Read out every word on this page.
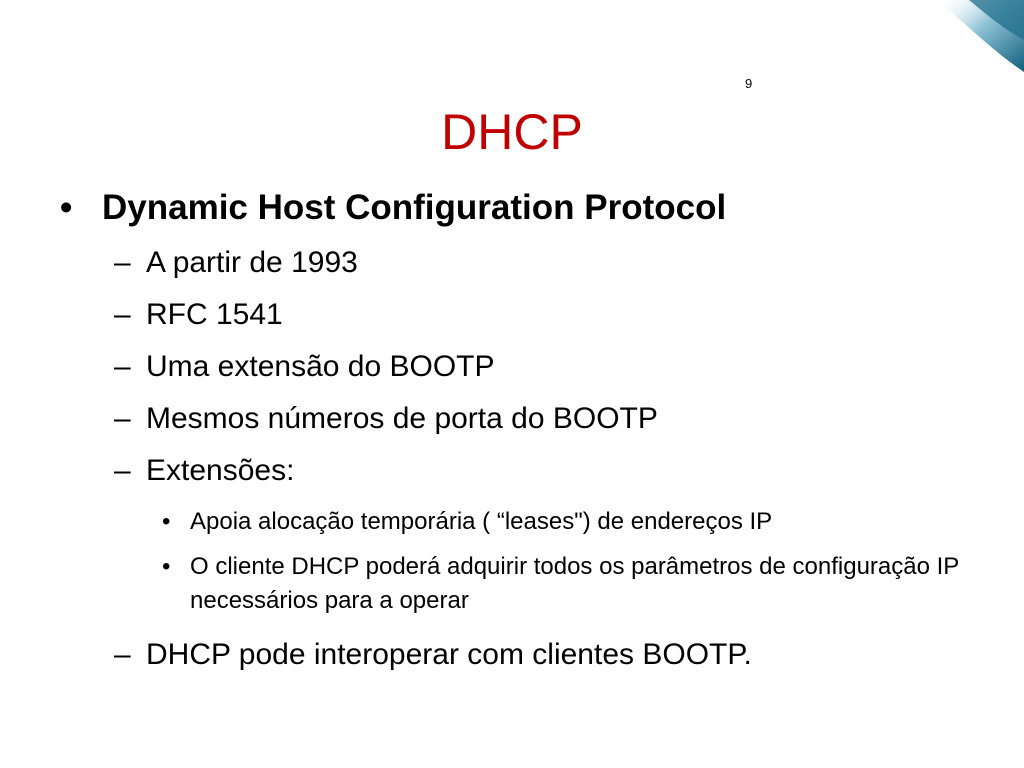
9
DHCP
• Dynamic Host Configuration Protocol
– A partir de 1993
– RFC 1541
– Uma extensão do BOOTP
– Mesmos números de porta do BOOTP
– Extensões:
• Apoia alocação temporária ( “leases") de endereços IP
• O cliente DHCP poderá adquirir todos os parâmetros de configuração IP necessários para a operar
– DHCP pode interoperar com clientes BOOTP.
